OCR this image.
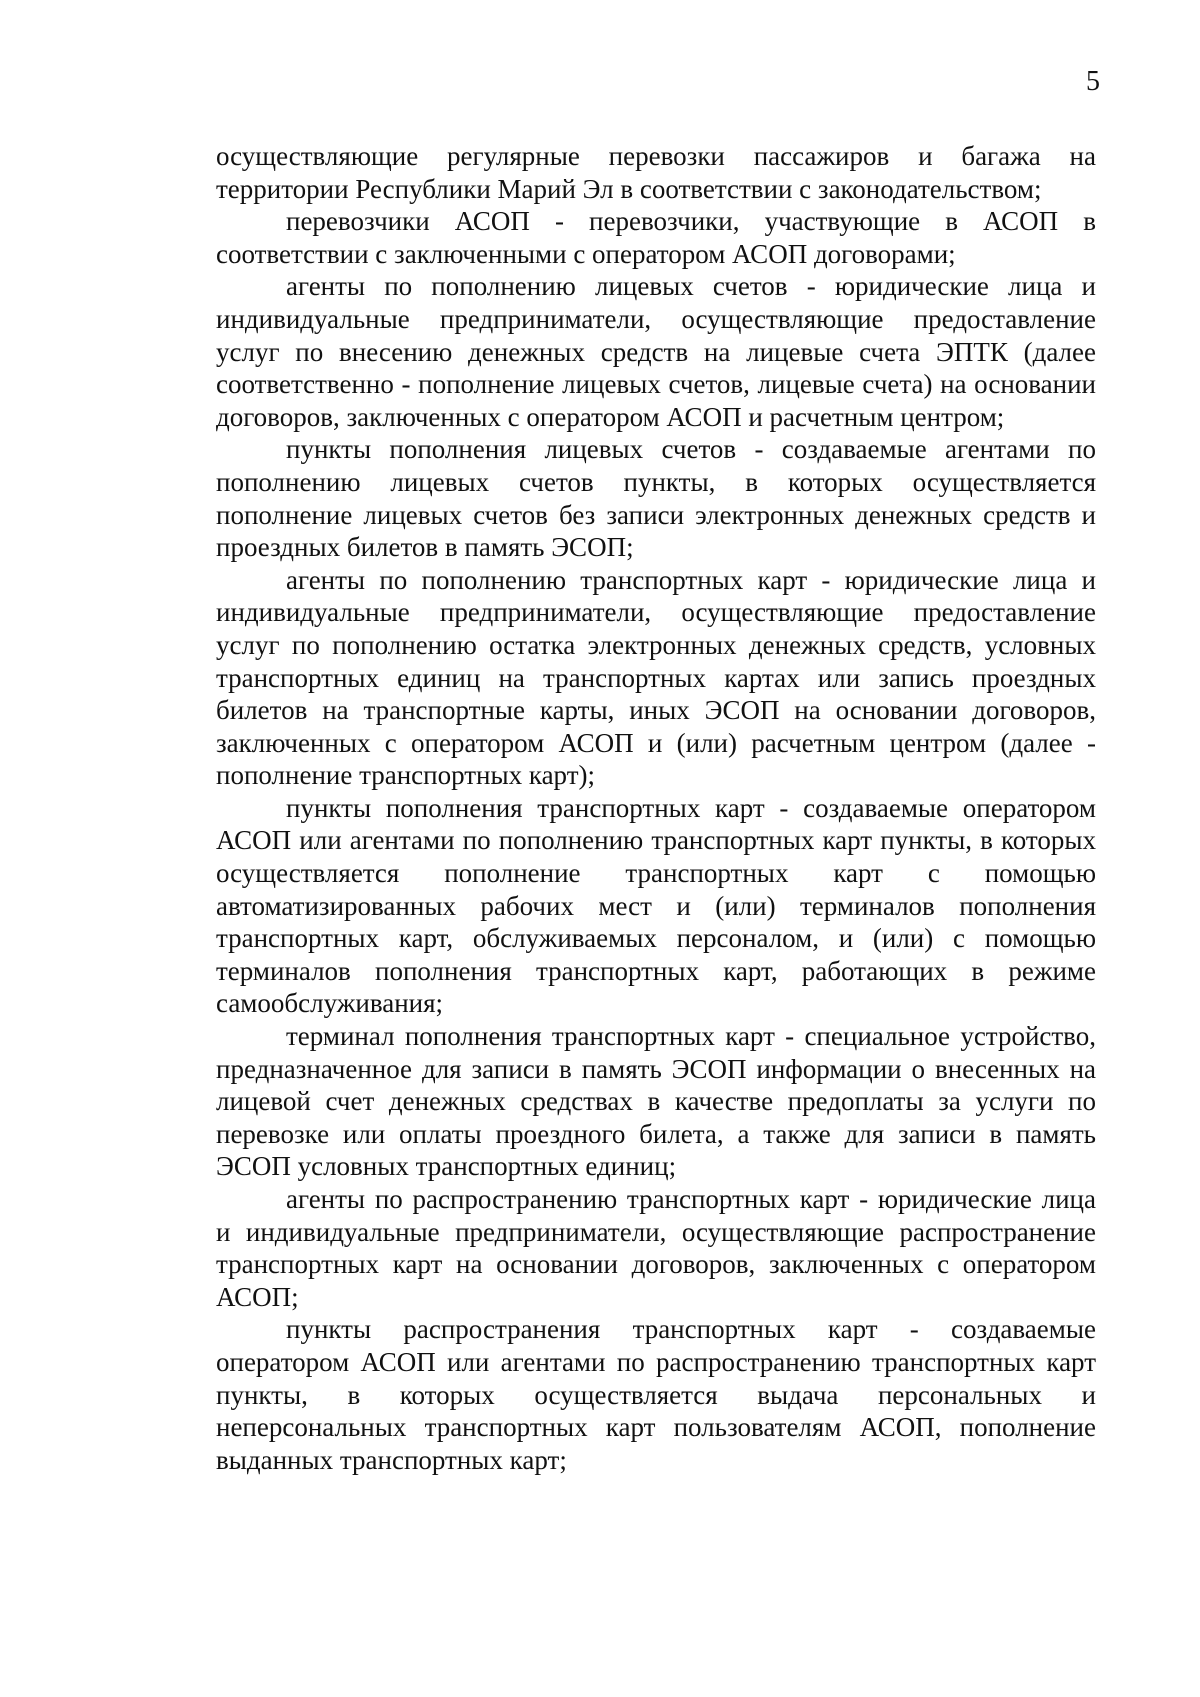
5

осуществляющие регулярные перевозки пассажиров и багажа на территории Республики Марий Эл в соответствии с законодательством;

перевозчики АСОП - перевозчики, участвующие в АСОП в соответствии с заключенными с оператором АСОП договорами;

агенты по пополнению лицевых счетов - юридические лица и индивидуальные предприниматели, осуществляющие предоставление услуг по внесению денежных средств на лицевые счета ЭПТК (далее соответственно - пополнение лицевых счетов, лицевые счета) на основании договоров, заключенных с оператором АСОП и расчетным центром;

пункты пополнения лицевых счетов - создаваемые агентами по пополнению лицевых счетов пункты, в которых осуществляется пополнение лицевых счетов без записи электронных денежных средств и проездных билетов в память ЭСОП;

агенты по пополнению транспортных карт - юридические лица и индивидуальные предприниматели, осуществляющие предоставление услуг по пополнению остатка электронных денежных средств, условных транспортных единиц на транспортных картах или запись проездных билетов на транспортные карты, иных ЭСОП на основании договоров, заключенных с оператором АСОП и (или) расчетным центром (далее - пополнение транспортных карт);

пункты пополнения транспортных карт - создаваемые оператором АСОП или агентами по пополнению транспортных карт пункты, в которых осуществляется пополнение транспортных карт с помощью автоматизированных рабочих мест и (или) терминалов пополнения транспортных карт, обслуживаемых персоналом, и (или) с помощью терминалов пополнения транспортных карт, работающих в режиме самообслуживания;

терминал пополнения транспортных карт - специальное устройство, предназначенное для записи в память ЭСОП информации о внесенных на лицевой счет денежных средствах в качестве предоплаты за услуги по перевозке или оплаты проездного билета, а также для записи в память ЭСОП условных транспортных единиц;

агенты по распространению транспортных карт - юридические лица и индивидуальные предприниматели, осуществляющие распространение транспортных карт на основании договоров, заключенных с оператором АСОП;

пункты распространения транспортных карт - создаваемые оператором АСОП или агентами по распространению транспортных карт пункты, в которых осуществляется выдача персональных и неперсональных транспортных карт пользователям АСОП, пополнение выданных транспортных карт;
